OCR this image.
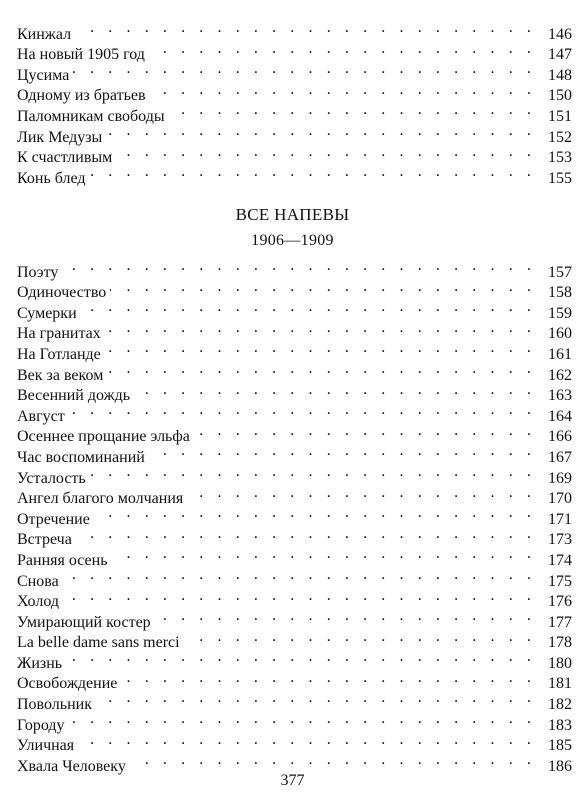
Кинжал . . .	146
На новый 1905 год . . .	147
Цусима . . .	148
Одному из братьев . . .	150
Паломникам свободы . . .	151
Лик Медузы . . .	152
К счастливым . . .	153
Конь блед . . .	155
ВСЕ НАПЕВЫ
1906—1909
Поэту . . .	157
Одиночество . . .	158
Сумерки . . .	159
На гранитах . . .	160
На Готланде . . .	161
Век за веком . . .	162
Весенний дождь . . .	163
Август . . .	164
Осеннее прощание эльфа . . .	166
Час воспоминаний . . .	167
Усталость . . .	169
Ангел благого молчания . . .	170
Отречение . . .	171
Встреча . . .	173
Ранняя осень . . .	174
Снова . . .	175
Холод . . .	176
Умирающий костер . . .	177
La belle dame sans merci . . .	178
Жизнь . . .	180
Освобождение . . .	181
Повольник . . .	182
Городу . . .	183
Уличная . . .	185
Хвала Человеку . . .	186
377
